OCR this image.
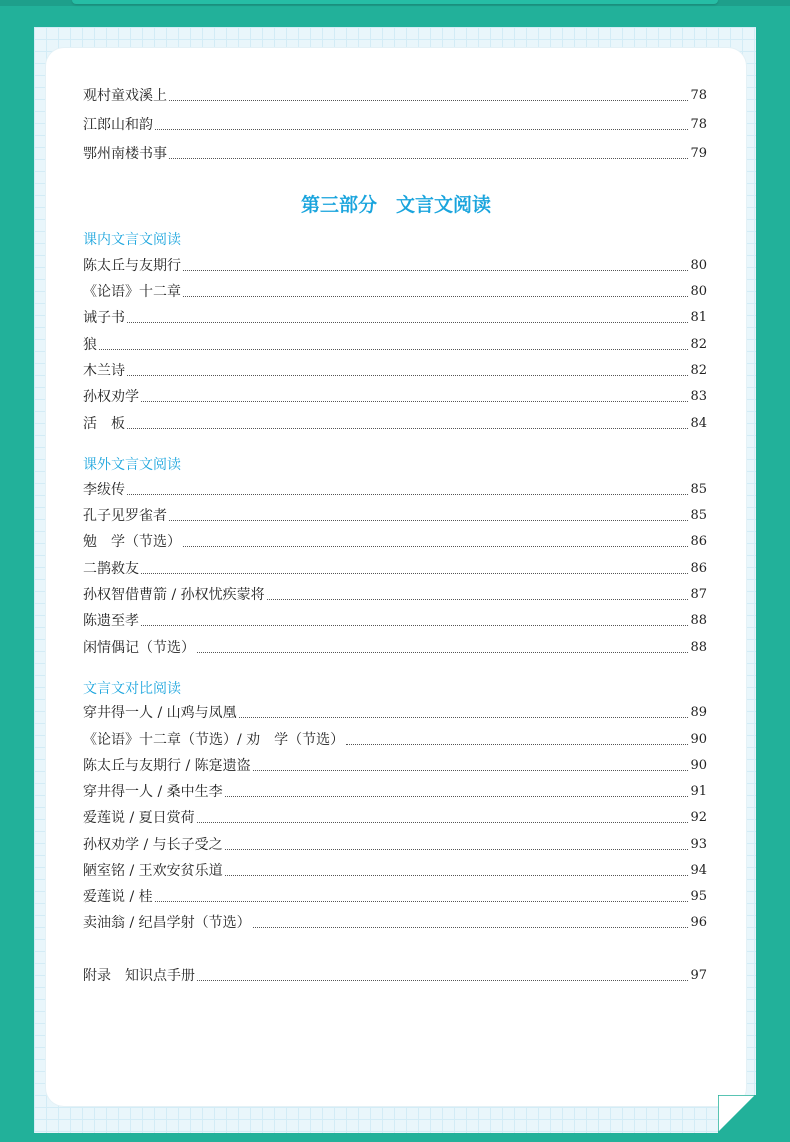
观村童戏溪上	78
江郎山和韵	78
鄂州南楼书事	79
第三部分　文言文阅读
课内文言文阅读
陈太丘与友期行	80
《论语》十二章	80
诫子书	81
狼	82
木兰诗	82
孙权劝学	83
活　板	84
课外文言文阅读
李绂传	85
孔子见罗雀者	85
勉　学（节选）	86
二鹊救友	86
孙权智借曹箭 / 孙权忧疾蒙将	87
陈遗至孝	88
闲情偶记（节选）	88
文言文对比阅读
穿井得一人 / 山鸡与凤凰	89
《论语》十二章（节选）/ 劝　学（节选）	90
陈太丘与友期行 / 陈寔遗盗	90
穿井得一人 / 桑中生李	91
爱莲说 / 夏日赏荷	92
孙权劝学 / 与长子受之	93
陋室铭 / 王欢安贫乐道	94
爱莲说 / 桂	95
卖油翁 / 纪昌学射（节选）	96
附录　知识点手册	97
